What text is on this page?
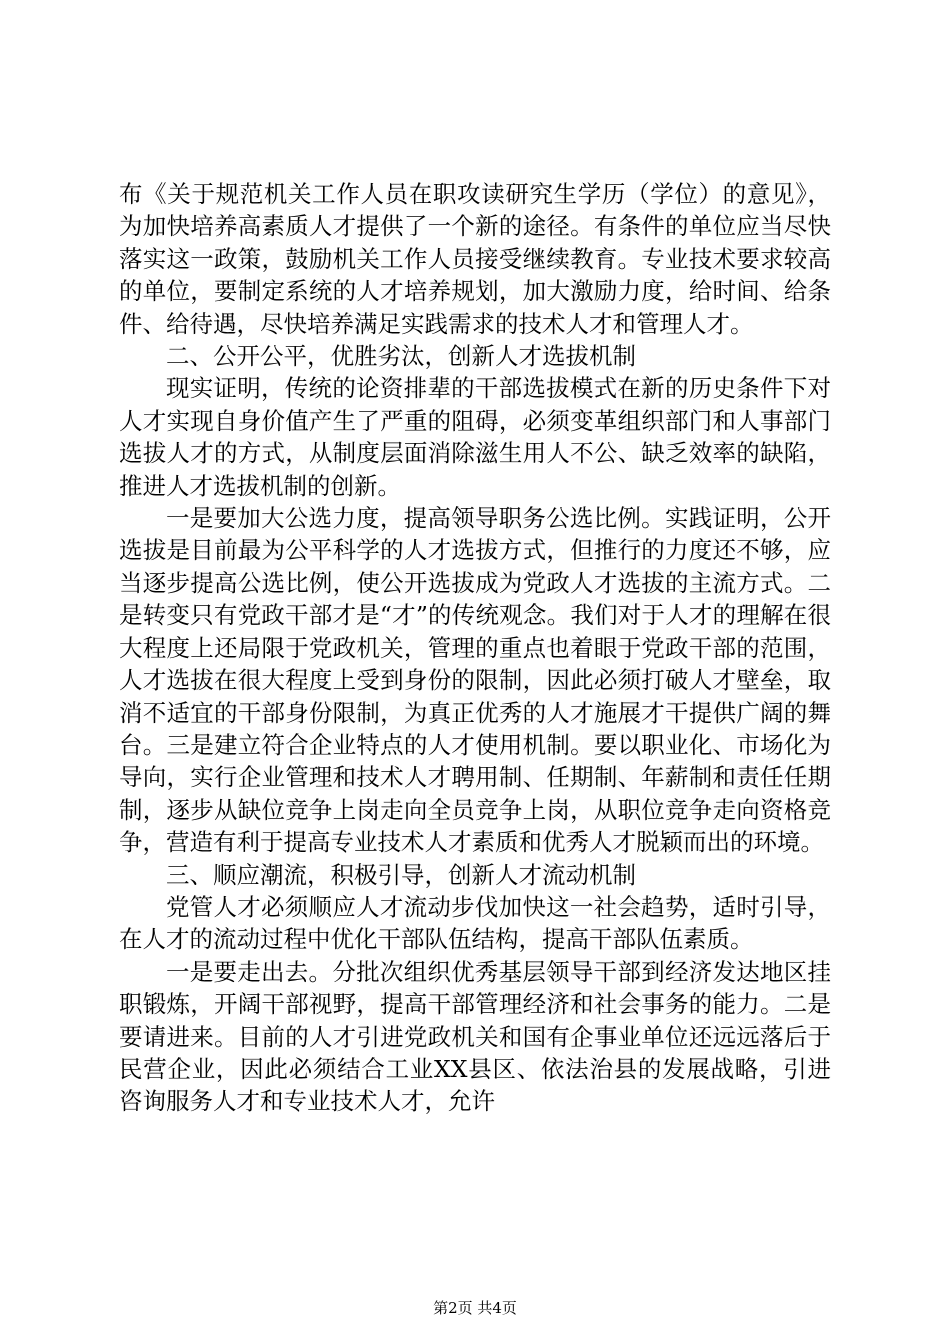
布《关于规范机关工作人员在职攻读研究生学历（学位）的意见》，为加快培养高素质人才提供了一个新的途径。有条件的单位应当尽快落实这一政策，鼓励机关工作人员接受继续教育。专业技术要求较高的单位，要制定系统的人才培养规划，加大激励力度，给时间、给条件、给待遇，尽快培养满足实践需求的技术人才和管理人才。

二、公开公平，优胜劣汰，创新人才选拔机制

现实证明，传统的论资排辈的干部选拔模式在新的历史条件下对人才实现自身价值产生了严重的阻碍，必须变革组织部门和人事部门选拔人才的方式，从制度层面消除滋生用人不公、缺乏效率的缺陷，推进人才选拔机制的创新。

一是要加大公选力度，提高领导职务公选比例。实践证明，公开选拔是目前最为公平科学的人才选拔方式，但推行的力度还不够，应当逐步提高公选比例，使公开选拔成为党政人才选拔的主流方式。二是转变只有党政干部才是“才”的传统观念。我们对于人才的理解在很大程度上还局限于党政机关，管理的重点也着眼于党政干部的范围，人才选拔在很大程度上受到身份的限制，因此必须打破人才壁垒，取消不适宜的干部身份限制，为真正优秀的人才施展才干提供广阔的舞台。三是建立符合企业特点的人才使用机制。要以职业化、市场化为导向，实行企业管理和技术人才聘用制、任期制、年薪制和责任任期制，逐步从缺位竞争上岗走向全员竞争上岗，从职位竞争走向资格竞争，营造有利于提高专业技术人才素质和优秀人才脱颖而出的环境。

三、顺应潮流，积极引导，创新人才流动机制

党管人才必须顺应人才流动步伐加快这一社会趋势，适时引导，在人才的流动过程中优化干部队伍结构，提高干部队伍素质。

一是要走出去。分批次组织优秀基层领导干部到经济发达地区挂职锻炼，开阔干部视野，提高干部管理经济和社会事务的能力。二是要请进来。目前的人才引进党政机关和国有企事业单位还远远落后于民营企业，因此必须结合工业XX县区、依法治县的发展战略，引进咨询服务人才和专业技术人才，允许

第2页 共4页
